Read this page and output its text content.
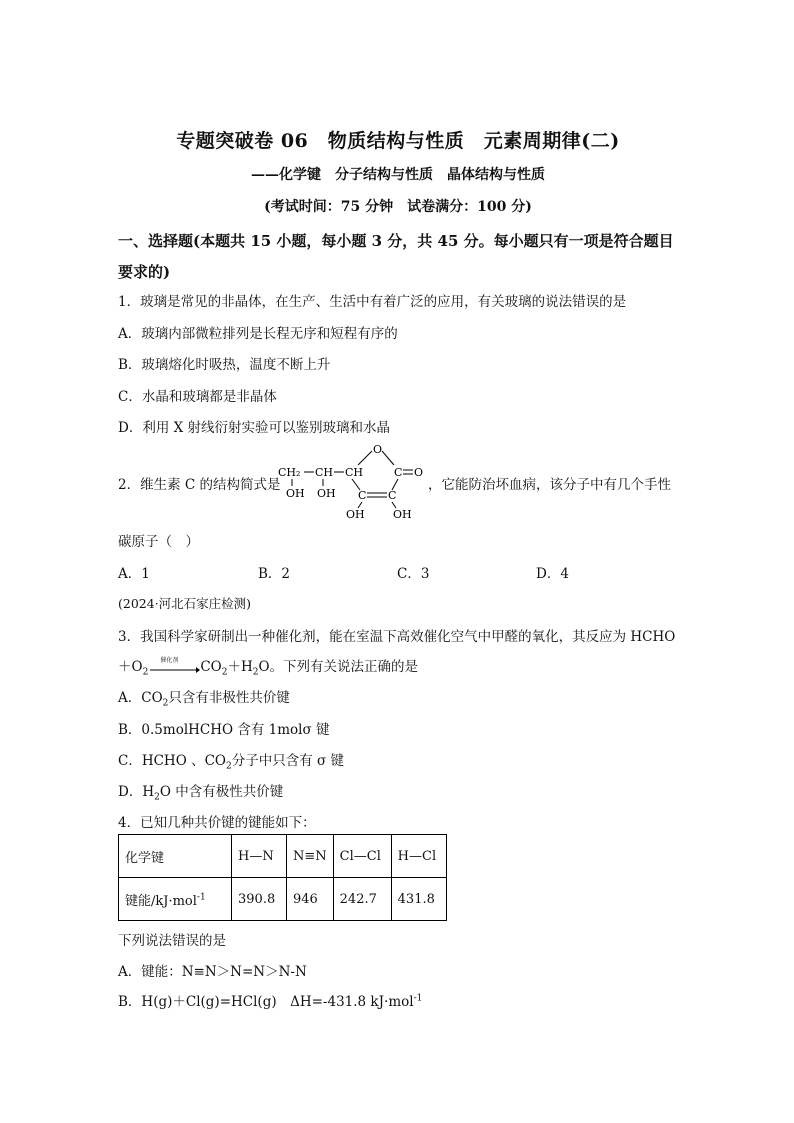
专题突破卷 06　物质结构与性质　元素周期律(二)
——化学键　分子结构与性质　晶体结构与性质
(考试时间：75 分钟　试卷满分：100 分)
一、选择题(本题共 15 小题，每小题 3 分，共 45 分。每小题只有一项是符合题目要求的)
1．玻璃是常见的非晶体，在生产、生活中有着广泛的应用，有关玻璃的说法错误的是
A．玻璃内部微粒排列是长程无序和短程有序的
B．玻璃熔化时吸热，温度不断上升
C．水晶和玻璃都是非晶体
D．利用 X 射线衍射实验可以鉴别玻璃和水晶
2．维生素 C 的结构简式是	，它能防治坏血病，该分子中有几个手性
CH₂ CH CH
O
C O
C C
OH OH
OH	OH
碳原子（　）
A．1	B．2	C．3	D．4
(2024·河北石家庄检测)
3．我国科学家研制出一种催化剂，能在室温下高效催化空气中甲醛的氧化，其反应为 HCHO
$+O_2$
催化剂 $CO_2+H_2O$。下列有关说法正确的是
A．$CO_2$只含有非极性共价键
B．0.5molHCHO 含有 1molσ 键
C．HCHO 、$CO_2$分子中只含有 σ 键
D．$H_2O$ 中含有极性共价键
4．已知几种共价键的键能如下：
化学键	H—N	N≡N	Cl—Cl	H—Cl
键能/kJ·mol$^{-1}$	390.8	946	242.7	431.8
下列说法错误的是
A．键能：N≡N＞N=N＞N-N
B．H(g)＋Cl(g)=HCl(g)　ΔH=-431.8 kJ·mol$^{-1}$
